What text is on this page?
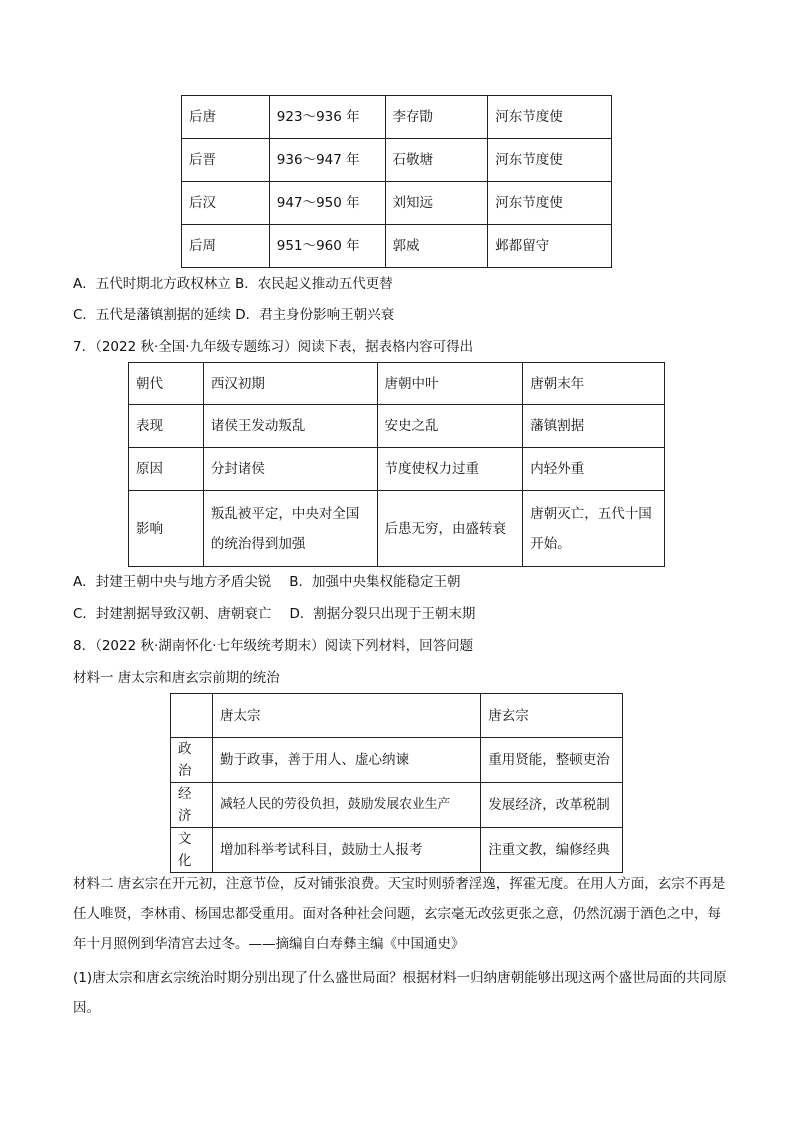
后唐	923～936 年	李存勖	河东节度使
后晋	936～947 年	石敬塘	河东节度使
后汉	947～950 年	刘知远	河东节度使
后周	951～960 年	郭威	邺都留守
A．五代时期北方政权林立 B．农民起义推动五代更替
C．五代是藩镇割据的延续 D．君主身份影响王朝兴衰
7．（2022 秋·全国·九年级专题练习）阅读下表，据表格内容可得出
朝代	西汉初期	唐朝中叶	唐朝末年
表现	诸侯王发动叛乱	安史之乱	藩镇割据
原因	分封诸侯	节度使权力过重	内轻外重
影响	叛乱被平定，中央对全国的统治得到加强	后患无穷，由盛转衰	唐朝灭亡，五代十国开始。
A．封建王朝中央与地方矛盾尖锐 B．加强中央集权能稳定王朝
C．封建割据导致汉朝、唐朝衰亡 D．割据分裂只出现于王朝末期
8．（2022 秋·湖南怀化·七年级统考期末）阅读下列材料，回答问题
材料一 唐太宗和唐玄宗前期的统治
	唐太宗	唐玄宗
政治	勤于政事，善于用人、虚心纳谏	重用贤能，整顿吏治
经济	减轻人民的劳役负担，鼓励发展农业生产	发展经济，改革税制
文化	增加科举考试科目，鼓励士人报考	注重文教，编修经典
材料二 唐玄宗在开元初，注意节俭，反对铺张浪费。天宝时则骄奢淫逸，挥霍无度。在用人方面，玄宗不再是任人唯贤，李林甫、杨国忠都受重用。面对各种社会问题，玄宗毫无改弦更张之意，仍然沉溺于酒色之中，每年十月照例到华清宫去过冬。——摘编自白寿彝主编《中国通史》
(1)唐太宗和唐玄宗统治时期分别出现了什么盛世局面？根据材料一归纳唐朝能够出现这两个盛世局面的共同原因。
